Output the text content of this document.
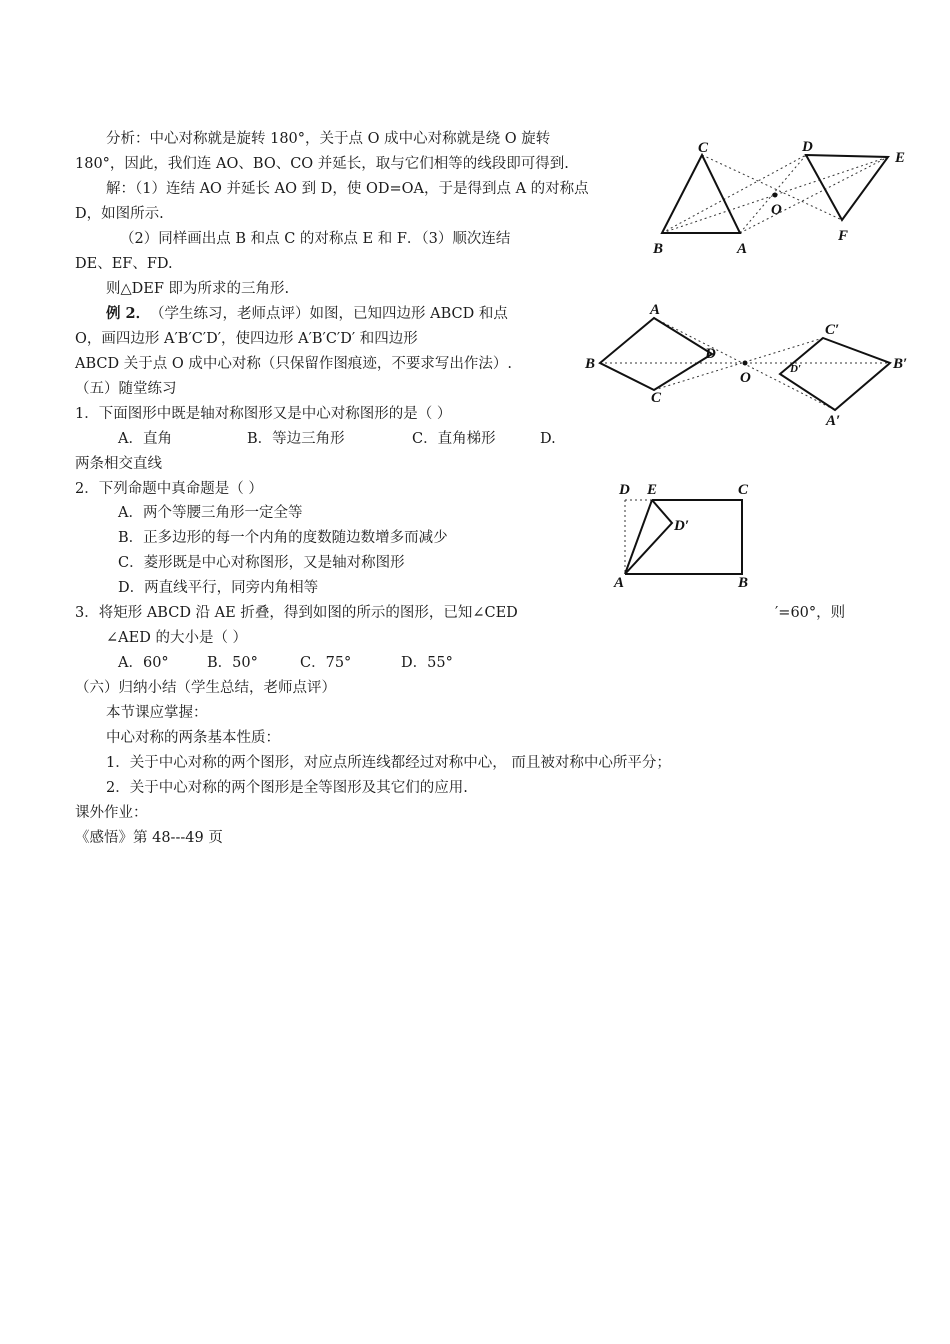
分析：中心对称就是旋转 180°，关于点 O 成中心对称就是绕 O 旋转
180°，因此，我们连 AO、BO、CO 并延长，取与它们相等的线段即可得到.
解：（1）连结 AO 并延长 AO 到 D，使 OD=OA，于是得到点 A 的对称点
D，如图所示.
（2）同样画出点 B 和点 C 的对称点 E 和 F．（3）顺次连结
DE、EF、FD.
则△DEF 即为所求的三角形.
例 2． （学生练习，老师点评）如图，已知四边形 ABCD 和点
O，画四边形 A′B′C′D′，使四边形 A′B′C′D′ 和四边形
ABCD 关于点 O 成中心对称（只保留作图痕迹，不要求写出作法）.
（五）随堂练习
1．下面图形中既是轴对称图形又是中心对称图形的是（ ）
A．直角	B．等边三角形	C．直角梯形	D.
两条相交直线
2．下列命题中真命题是（ ）
A．两个等腰三角形一定全等
B．正多边形的每一个内角的度数随边数增多而减少
C．菱形既是中心对称图形，又是轴对称图形
D．两直线平行，同旁内角相等
3．将矩形 ABCD 沿 AE 折叠，得到如图的所示的图形，已知∠CED	′=60°，则
∠AED 的大小是（ ）
A．60°	B．50°	C．75°	D．55°
（六）归纳小结（学生总结，老师点评）
本节课应掌握：
中心对称的两条基本性质：
1．关于中心对称的两个图形，对应点所连线都经过对称中心， 而且被对称中心所平分；
2．关于中心对称的两个图形是全等图形及其它们的应用.
课外作业：
《感悟》第 48---49 页
C	D
E
O
B	A
F
A
C′
B
D
D′
O
B′
C
A′
D E	C
D′
A	B
